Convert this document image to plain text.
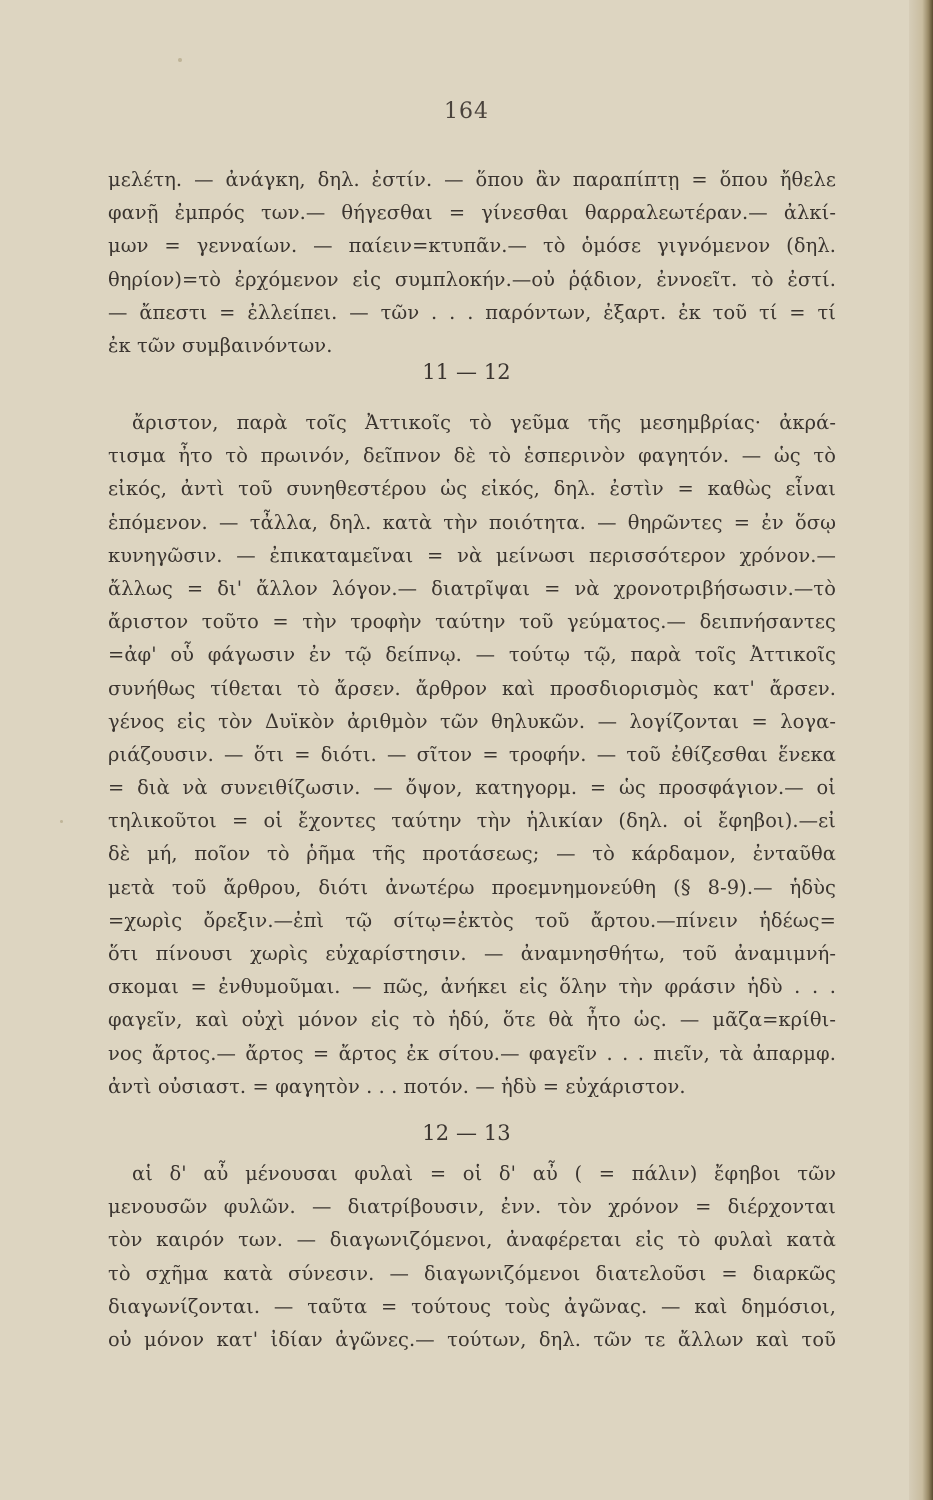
164
μελέτη. — ἀνάγκη, δηλ. ἐστίν. — ὅπου ἂν παραπίπτῃ = ὅπου ἤθελε
φανῇ ἐμπρός των.— θήγεσθαι = γίνεσθαι θαρραλεωτέραν.— ἀλκί-
μων = γενναίων. — παίειν=κτυπᾶν.— τὸ ὁμόσε γιγνόμενον (δηλ.
θηρίον)=τὸ ἐρχόμενον εἰς συμπλοκήν.—οὐ ῥᾴδιον, ἐννοεῖτ. τὸ ἐστί.
— ἄπεστι = ἐλλείπει. — τῶν . . . παρόντων, ἐξαρτ. ἐκ τοῦ τί = τί
ἐκ τῶν συμβαινόντων.
11 — 12
ἄριστον, παρὰ τοῖς Ἀττικοῖς τὸ γεῦμα τῆς μεσημβρίας· ἀκρά-
τισμα ἦτο τὸ πρωινόν, δεῖπνον δὲ τὸ ἑσπερινὸν φαγητόν. — ὡς τὸ
εἰκός, ἀντὶ τοῦ συνηθεστέρου ὡς εἰκός, δηλ. ἐστὶν = καθὼς εἶναι
ἑπόμενον. — τἆλλα, δηλ. κατὰ τὴν ποιότητα. — θηρῶντες = ἐν ὅσῳ
κυνηγῶσιν. — ἐπικαταμεῖναι = νὰ μείνωσι περισσότερον χρόνον.—
ἄλλως = δι' ἄλλον λόγον.— διατρῖψαι = νὰ χρονοτριβήσωσιν.—τὸ
ἄριστον τοῦτο = τὴν τροφὴν ταύτην τοῦ γεύματος.— δειπνήσαντες
=ἀφ' οὗ φάγωσιν ἐν τῷ δείπνῳ. — τούτῳ τῷ, παρὰ τοῖς Ἀττικοῖς
συνήθως τίθεται τὸ ἄρσεν. ἄρθρον καὶ προσδιορισμὸς κατ' ἄρσεν.
γένος εἰς τὸν Δυϊκὸν ἀριθμὸν τῶν θηλυκῶν. — λογίζονται = λογα-
ριάζουσιν. — ὅτι = διότι. — σῖτον = τροφήν. — τοῦ ἐθίζεσθαι ἕνεκα
= διὰ νὰ συνειθίζωσιν. — ὄψον, κατηγορμ. = ὡς προσφάγιον.— οἱ
τηλικοῦτοι = οἱ ἔχοντες ταύτην τὴν ἡλικίαν (δηλ. οἱ ἔφηβοι).—εἰ
δὲ μή, ποῖον τὸ ῥῆμα τῆς προτάσεως; — τὸ κάρδαμον, ἐνταῦθα
μετὰ τοῦ ἄρθρου, διότι ἀνωτέρω προεμνημονεύθη (§ 8-9).— ἡδὺς
=χωρὶς ὄρεξιν.—ἐπὶ τῷ σίτῳ=ἐκτὸς τοῦ ἄρτου.—πίνειν ἡδέως=
ὅτι πίνουσι χωρὶς εὐχαρίστησιν. — ἀναμνησθήτω, τοῦ ἀναμιμνή-
σκομαι = ἐνθυμοῦμαι. — πῶς, ἀνήκει εἰς ὅλην τὴν φράσιν ἡδὺ . . .
φαγεῖν, καὶ οὐχὶ μόνον εἰς τὸ ἡδύ, ὅτε θὰ ἦτο ὡς. — μᾶζα=κρίθι-
νος ἄρτος.— ἄρτος = ἄρτος ἐκ σίτου.— φαγεῖν . . . πιεῖν, τὰ ἀπαρμφ.
ἀντὶ οὐσιαστ. = φαγητὸν . . . ποτόν. — ἡδὺ = εὐχάριστον.
12 — 13
αἱ δ' αὖ μένουσαι φυλαὶ = οἱ δ' αὖ ( = πάλιν) ἔφηβοι τῶν
μενουσῶν φυλῶν. — διατρίβουσιν, ἐνν. τὸν χρόνον = διέρχονται
τὸν καιρόν των. — διαγωνιζόμενοι, ἀναφέρεται εἰς τὸ φυλαὶ κατὰ
τὸ σχῆμα κατὰ σύνεσιν. — διαγωνιζόμενοι διατελοῦσι = διαρκῶς
διαγωνίζονται. — ταῦτα = τούτους τοὺς ἀγῶνας. — καὶ δημόσιοι,
οὐ μόνον κατ' ἰδίαν ἀγῶνες.— τούτων, δηλ. τῶν τε ἄλλων καὶ τοῦ
